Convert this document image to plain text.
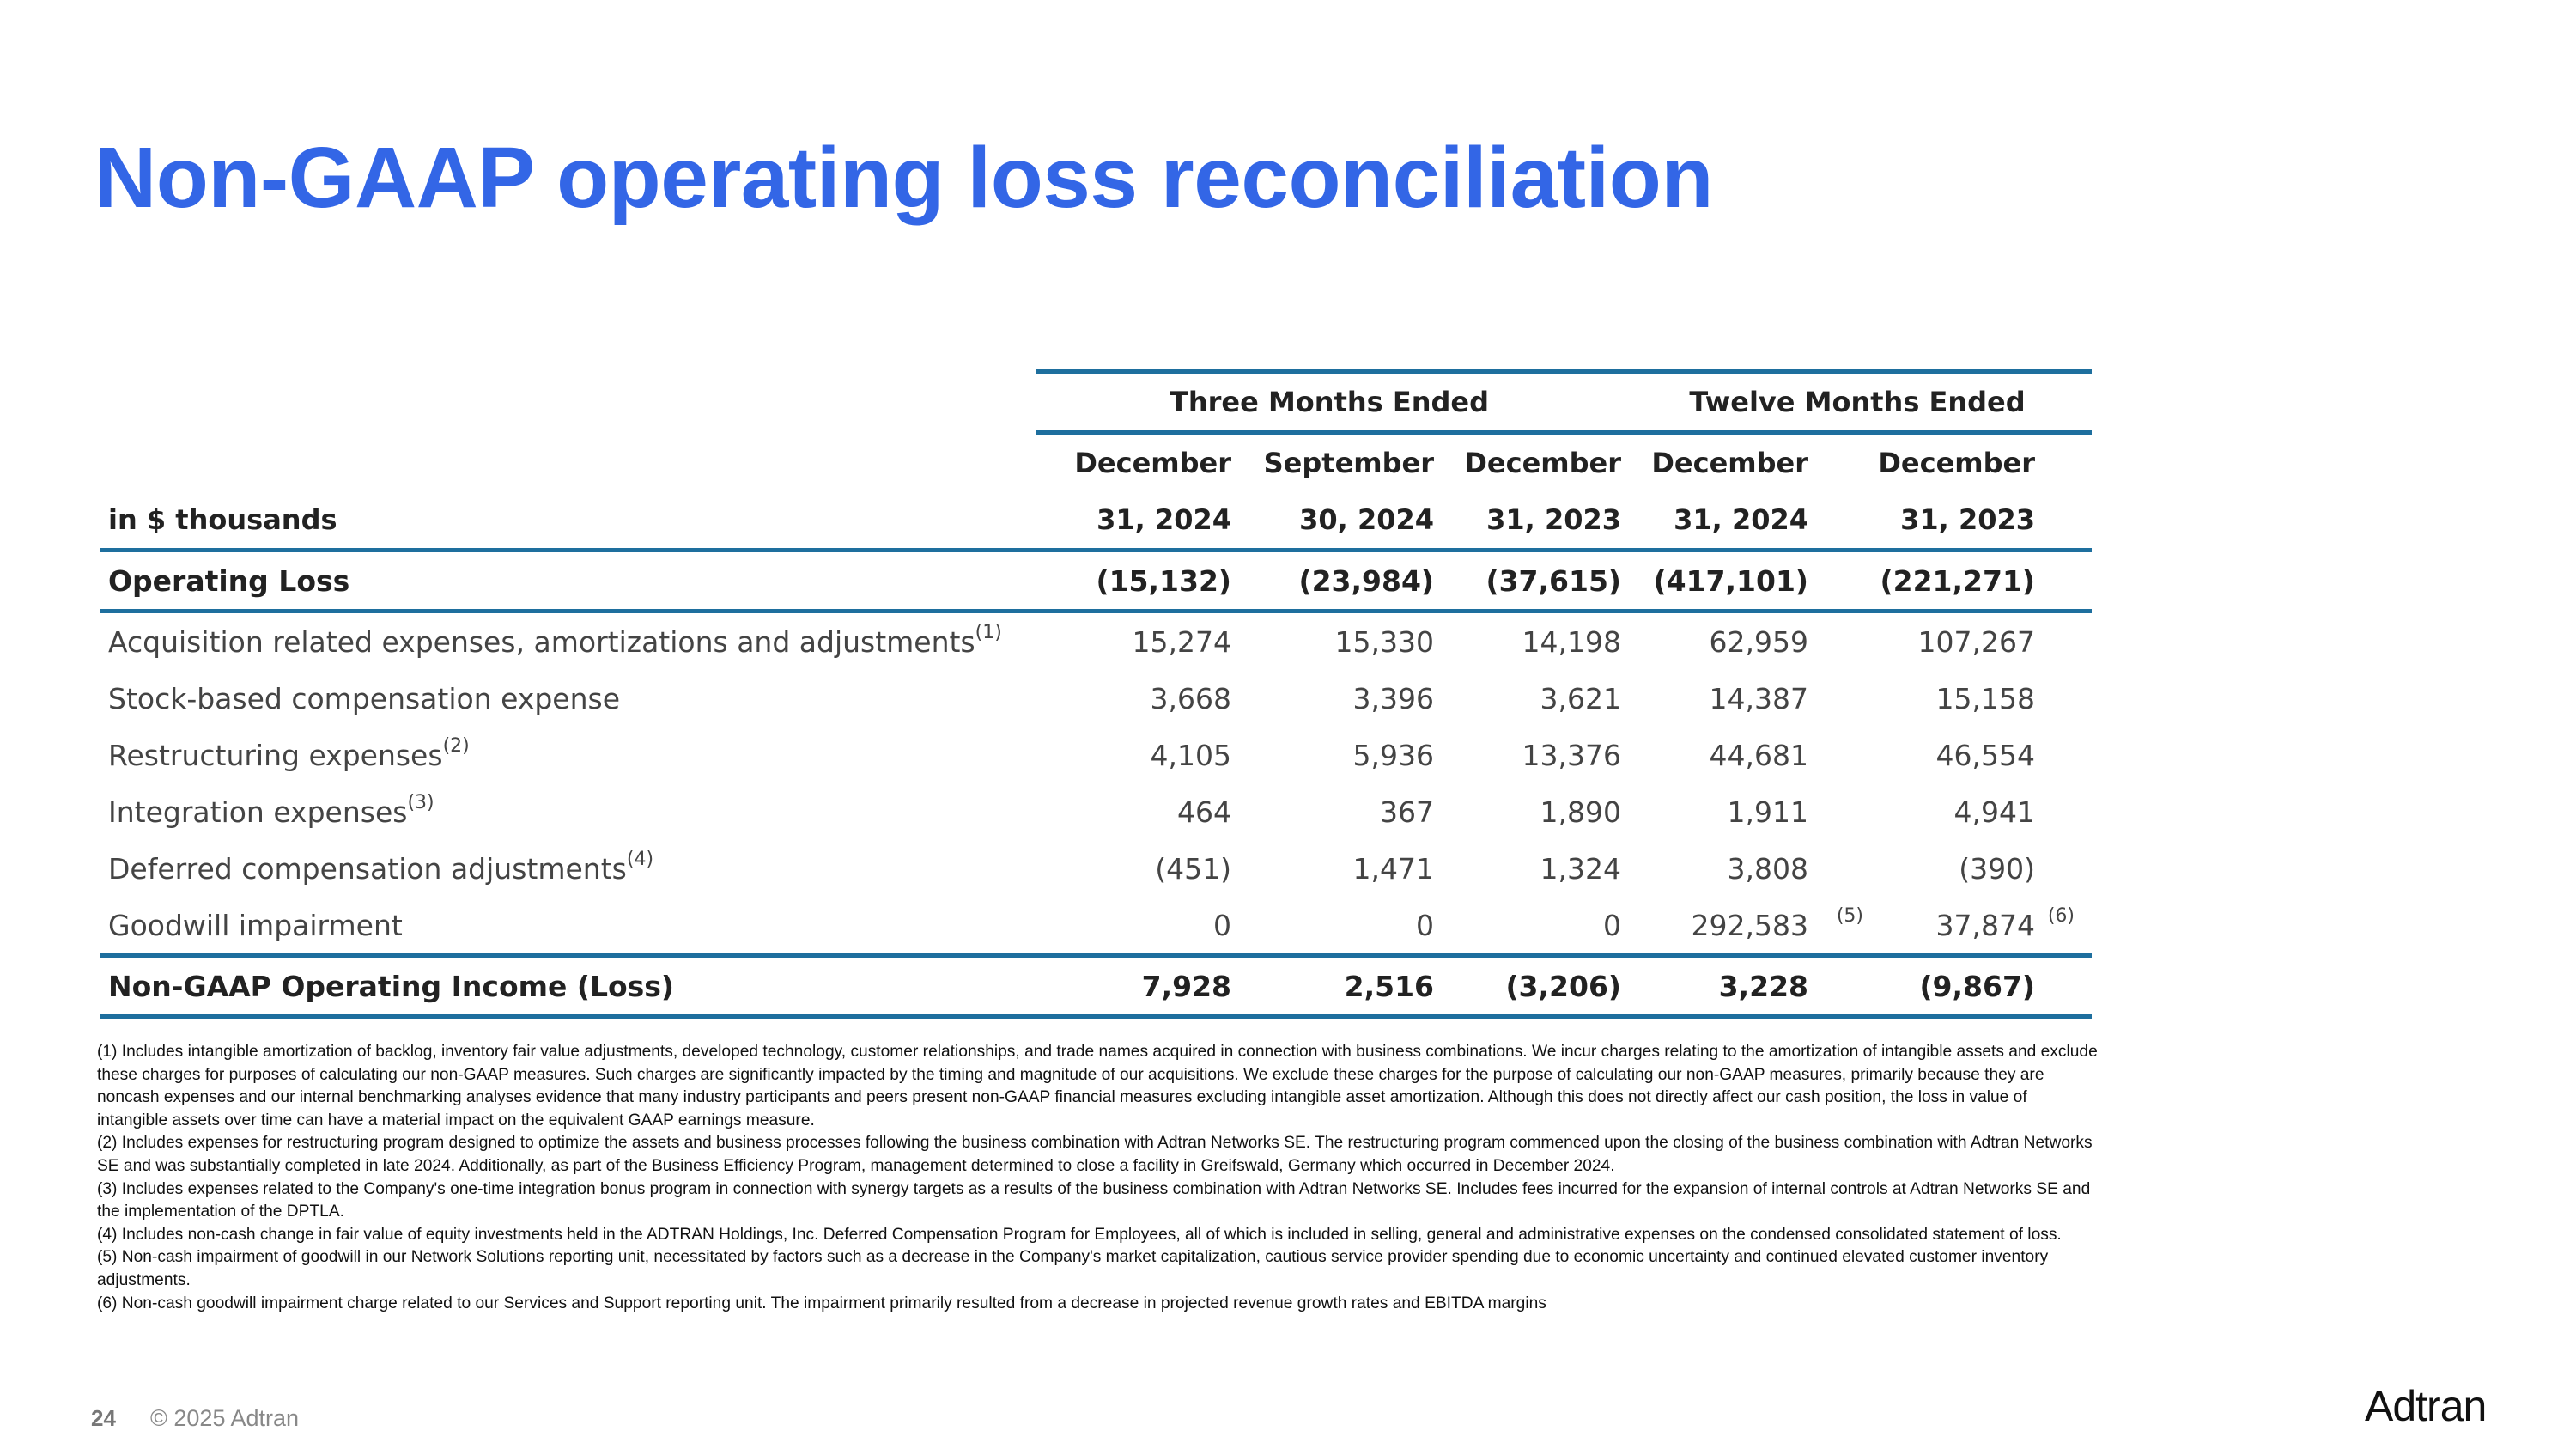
Non-GAAP operating loss reconciliation
	Three Months Ended			Twelve Months Ended	
	December	September	December	December	December
in $ thousands	31, 2024	30, 2024	31, 2023	31, 2024	31, 2023
Operating Loss	(15,132)	(23,984)	(37,615)	(417,101)	(221,271)
Acquisition related expenses, amortizations and adjustments$^{(1)}$	15,274	15,330	14,198	62,959	107,267
Stock-based compensation expense	3,668	3,396	3,621	14,387	15,158
Restructuring expenses$^{(2)}$	4,105	5,936	13,376	44,681	46,554
Integration expenses$^{(3)}$	464	367	1,890	1,911	4,941
Deferred compensation adjustments$^{(4)}$	(451)	1,471	1,324	3,808	(390)
Goodwill impairment	0	0	0	292,583 (5)	37,874 (6)

Non-GAAP Operating Income (Loss)	7,928	2,516	(3,206)	3,228	(9,867)

(1) Includes intangible amortization of backlog, inventory fair value adjustments, developed technology, customer relationships, and trade names acquired in connection with business combinations. We incur charges relating to the amortization of intangible assets and exclude these charges for purposes of calculating our non-GAAP measures. Such charges are significantly impacted by the timing and magnitude of our acquisitions. We exclude these charges for the purpose of calculating our non-GAAP measures, primarily because they are noncash expenses and our internal benchmarking analyses evidence that many industry participants and peers present non-GAAP financial measures excluding intangible asset amortization. Although this does not directly affect our cash position, the loss in value of intangible assets over time can have a material impact on the equivalent GAAP earnings measure.

(2) Includes expenses for restructuring program designed to optimize the assets and business processes following the business combination with Adtran Networks SE. The restructuring program commenced upon the closing of the business combination with Adtran Networks SE and was substantially completed in late 2024. Additionally, as part of the Business Efficiency Program, management determined to close a facility in Greifswald, Germany which occurred in December 2024.

(3) Includes expenses related to the Company's one-time integration bonus program in connection with synergy targets as a results of the business combination with Adtran Networks SE. Includes fees incurred for the expansion of internal controls at Adtran Networks SE and the implementation of the DPTLA.

(4) Includes non-cash change in fair value of equity investments held in the ADTRAN Holdings, Inc. Deferred Compensation Program for Employees, all of which is included in selling, general and administrative expenses on the condensed consolidated statement of loss.

(5) Non-cash impairment of goodwill in our Network Solutions reporting unit, necessitated by factors such as a decrease in the Company's market capitalization, cautious service provider spending due to economic uncertainty and continued elevated customer inventory adjustments.

(6) Non-cash goodwill impairment charge related to our Services and Support reporting unit. The impairment primarily resulted from a decrease in projected revenue growth rates and EBITDA margins

24 © 2025 Adtran	Adtran
